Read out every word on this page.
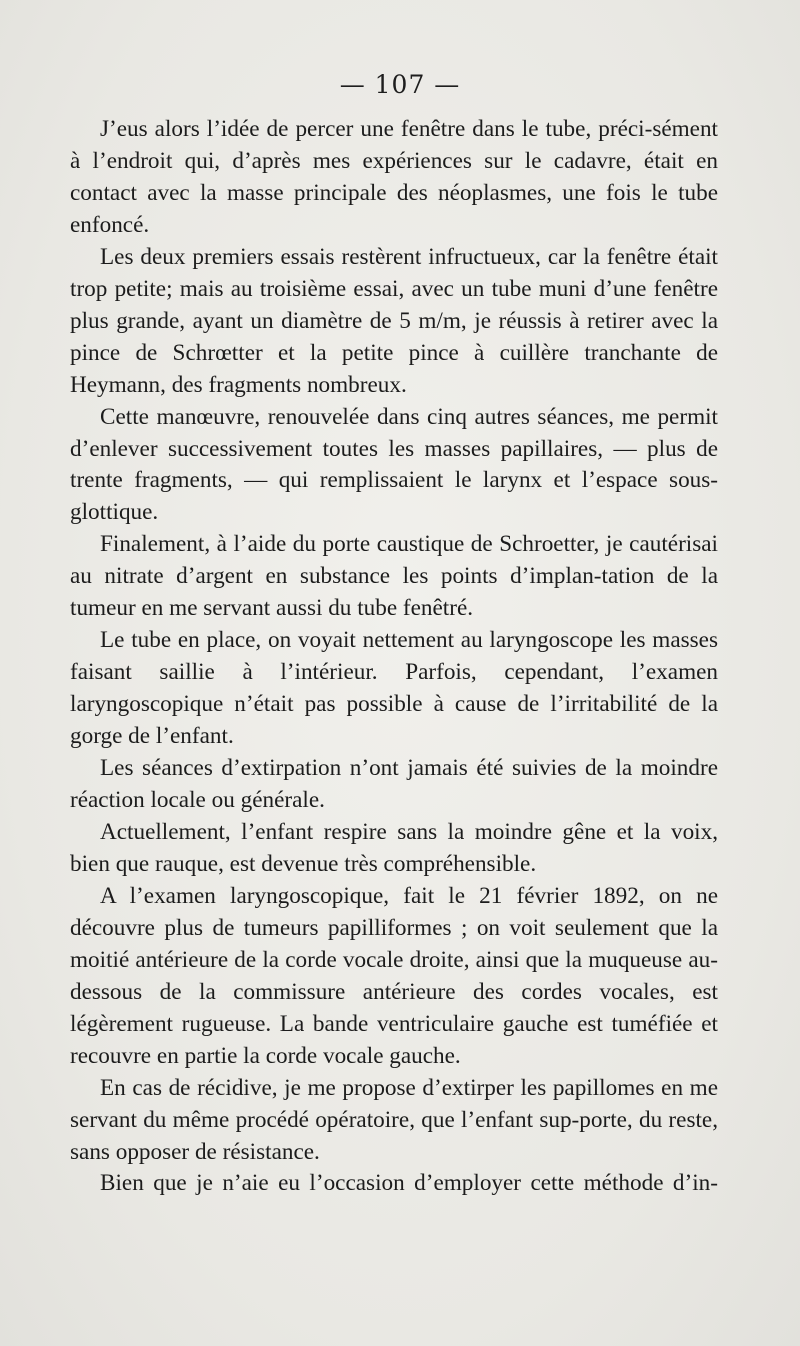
— 107 —

J’eus alors l’idée de percer une fenêtre dans le tube, préci-sément à l’endroit qui, d’après mes expériences sur le cadavre, était en contact avec la masse principale des néoplasmes, une fois le tube enfoncé.

Les deux premiers essais restèrent infructueux, car la fenêtre était trop petite; mais au troisième essai, avec un tube muni d’une fenêtre plus grande, ayant un diamètre de 5 m/m, je réussis à retirer avec la pince de Schrœtter et la petite pince à cuillère tranchante de Heymann, des fragments nombreux.

Cette manœuvre, renouvelée dans cinq autres séances, me permit d’enlever successivement toutes les masses papillaires, — plus de trente fragments, — qui remplissaient le larynx et l’espace sous-glottique.

Finalement, à l’aide du porte caustique de Schroetter, je cautérisai au nitrate d’argent en substance les points d’implan-tation de la tumeur en me servant aussi du tube fenêtré.

Le tube en place, on voyait nettement au laryngoscope les masses faisant saillie à l’intérieur. Parfois, cependant, l’examen laryngoscopique n’était pas possible à cause de l’irritabilité de la gorge de l’enfant.

Les séances d’extirpation n’ont jamais été suivies de la moindre réaction locale ou générale.

Actuellement, l’enfant respire sans la moindre gêne et la voix, bien que rauque, est devenue très compréhensible.

A l’examen laryngoscopique, fait le 21 février 1892, on ne découvre plus de tumeurs papilliformes ; on voit seulement que la moitié antérieure de la corde vocale droite, ainsi que la muqueuse au-dessous de la commissure antérieure des cordes vocales, est légèrement rugueuse. La bande ventriculaire gauche est tuméfiée et recouvre en partie la corde vocale gauche.

En cas de récidive, je me propose d’extirper les papillomes en me servant du même procédé opératoire, que l’enfant sup-porte, du reste, sans opposer de résistance.

Bien que je n’aie eu l’occasion d’employer cette méthode d’in-
